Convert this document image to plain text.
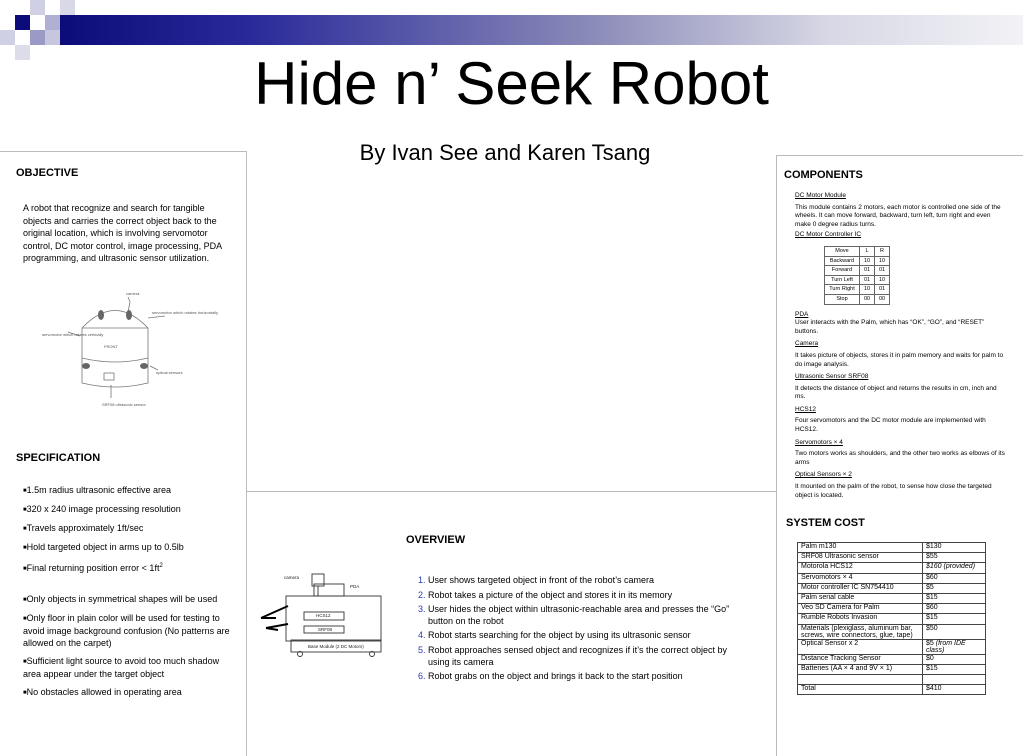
Hide n’ Seek Robot
By Ivan See and Karen Tsang
OBJECTIVE
A robot that recognize and search for tangible objects and carries the correct object back to the original location, which is involving servomotor control, DC motor control, image processing, PDA programming, and ultrasonic sensor utilization.
camera
servomotor which rotates vertically
servomotor which rotates horizontally
optical sensors
FRONT
SRF08 ultrasonic sensor
SPECIFICATION
■1.5m radius ultrasonic effective area
■320 x 240 image processing resolution
■Travels approximately 1ft/sec
■Hold targeted object in arms up to 0.5lb
■Final returning position error < $1ft^2$
■Only objects in symmetrical shapes will be used
■Only floor in plain color will be used for testing to avoid image background confusion (No patterns are allowed on the carpet)
■Sufficient light source to avoid too much shadow area appear under the target object
■No obstacles allowed in operating area
OVERVIEW
camera
PDA
HCS12
SRF08
Base Module (2 DC Motors)
1. User shows targeted object in front of the robot’s camera
2. Robot takes a picture of the object and stores it in its memory
3. User hides the object within ultrasonic-reachable area and presses the “Go” button on the robot
4. Robot starts searching for the object by using its ultrasonic sensor
5. Robot approaches sensed object and recognizes if it’s the correct object by using its camera
6. Robot grabs on the object and brings it back to the start position
COMPONENTS
DC Motor Module
This module contains 2 motors, each motor is controlled one side of the wheels. It can move forward, backward, turn left, turn right and even make 0 degree radius turns.
DC Motor Controller IC
Move	L	R
Backward	10	10
Forward	01	01
Turn Left	01	10
Turn Right	10	01
Stop	00	00
PDA
User interacts with the Palm, which has “OK”, “GO”, and “RESET” buttons.
Camera
It takes picture of objects, stores it in palm memory and waits for palm to do image analysis.
Ultrasonic Sensor SRF08
It detects the distance of object and returns the results in cm, inch and ms.
HCS12
Four servomotors and the DC motor module are implemented with HCS12.
Servomotors × 4
Two motors works as shoulders, and the other two works as elbows of its arms
Optical Sensors × 2
It mounted on the palm of the robot, to sense how close the targeted object is located.
SYSTEM COST
Palm m130	$130
SRF08 Ultrasonic sensor	$55
Motorola HCS12	$160 (provided)
Servomotors × 4	$60
Motor controller IC SN754410	$5
Palm serial cable	$15
Veo SD Camera for Palm	$60
Rumble Robots Invasion	$15
Materials (plexiglass, aluminum bar, screws, wire connectors, glue, tape)	$50
Optical Sensor x 2	$5 (from IDE class)
Distance Tracking Sensor	$0
Batteries (AA × 4 and 9V × 1)	$15

Total	$410
